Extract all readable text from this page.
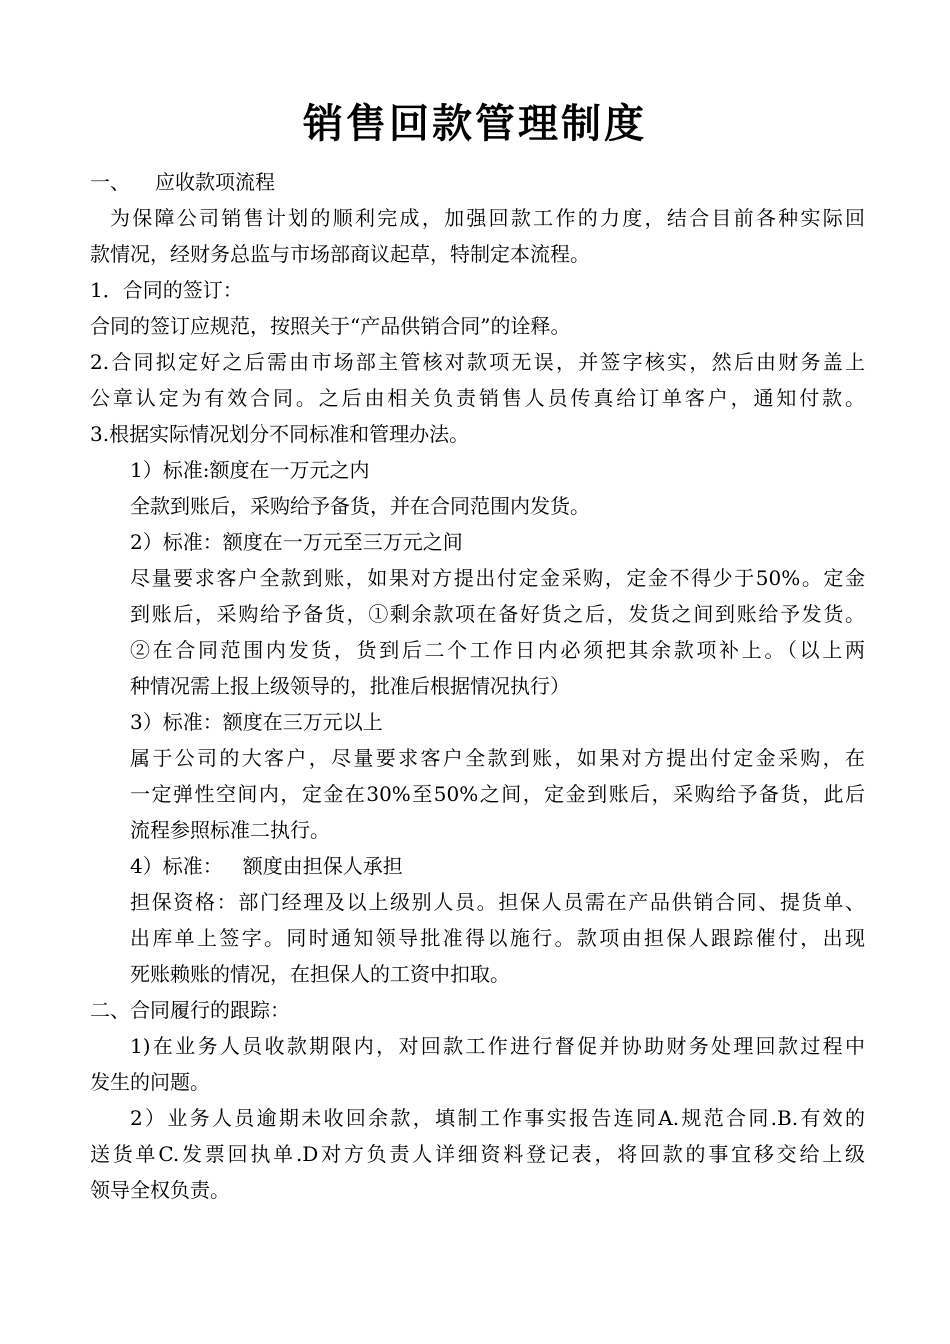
销售回款管理制度

一、 应收款项流程

为保障公司销售计划的顺利完成，加强回款工作的力度，结合目前各种实际回

款情况，经财务总监与市场部商议起草，特制定本流程。

1．合同的签订：

合同的签订应规范，按照关于“产品供销合同”的诠释。

2.合同拟定好之后需由市场部主管核对款项无误，并签字核实，然后由财务盖上

公章认定为有效合同。之后由相关负责销售人员传真给订单客户，通知付款。

3.根据实际情况划分不同标准和管理办法。

1）标准:额度在一万元之内

全款到账后，采购给予备货，并在合同范围内发货。

2）标准：额度在一万元至三万元之间

尽量要求客户全款到账，如果对方提出付定金采购，定金不得少于50%。定金

到账后，采购给予备货，①剩余款项在备好货之后，发货之间到账给予发货。

②在合同范围内发货，货到后二个工作日内必须把其余款项补上。（以上两

种情况需上报上级领导的，批准后根据情况执行）

3）标准：额度在三万元以上

属于公司的大客户，尽量要求客户全款到账，如果对方提出付定金采购，在

一定弹性空间内，定金在30%至50%之间，定金到账后，采购给予备货，此后

流程参照标准二执行。

4）标准： 额度由担保人承担

担保资格：部门经理及以上级别人员。担保人员需在产品供销合同、提货单、

出库单上签字。同时通知领导批准得以施行。款项由担保人跟踪催付，出现

死账赖账的情况，在担保人的工资中扣取。

二、合同履行的跟踪：

1)在业务人员收款期限内，对回款工作进行督促并协助财务处理回款过程中

发生的问题。

2）业务人员逾期未收回余款，填制工作事实报告连同A.规范合同.B.有效的

送货单C.发票回执单.D对方负责人详细资料登记表，将回款的事宜移交给上级

领导全权负责。
